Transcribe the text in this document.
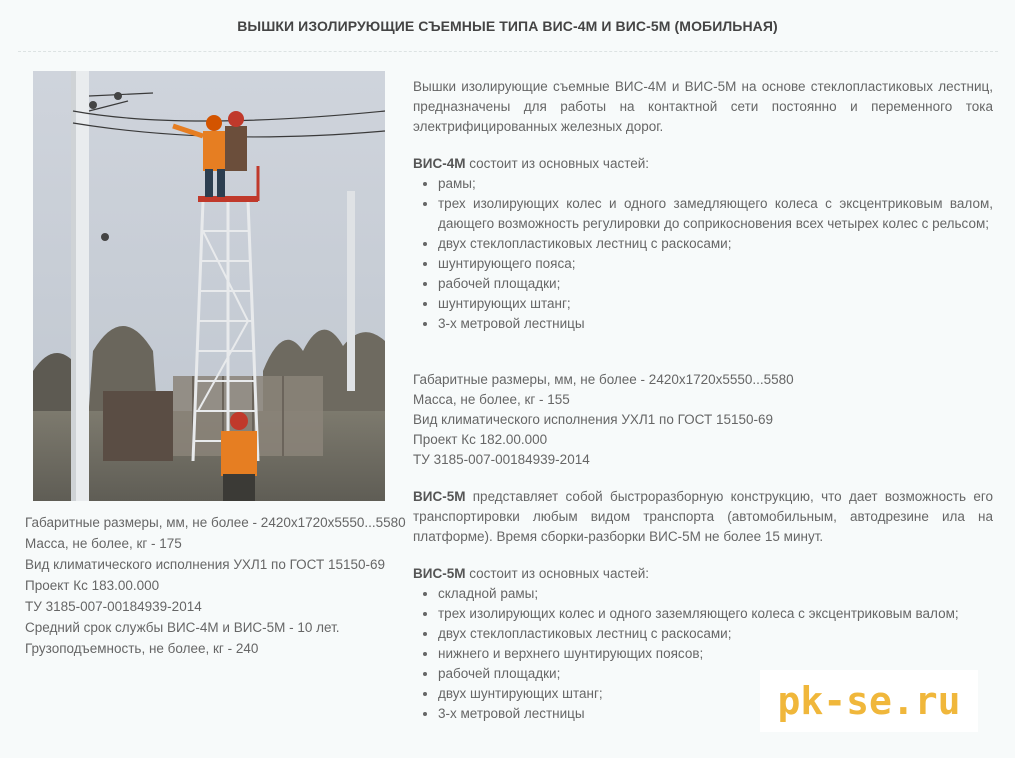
ВЫШКИ ИЗОЛИРУЮЩИЕ СЪЕМНЫЕ ТИПА ВИС-4М И ВИС-5М (МОБИЛЬНАЯ)
Габаритные размеры, мм, не более - 2420x1720x5550...5580
Масса, не более, кг - 175
Вид климатического исполнения УХЛ1 по ГОСТ 15150-69
Проект Кс 183.00.000
ТУ 3185-007-00184939-2014
Средний срок службы ВИС-4М и ВИС-5М - 10 лет.
Грузоподъемность, не более, кг - 240

Вышки изолирующие съемные ВИС-4М и ВИС-5М на основе стеклопластиковых лестниц, предназначены для работы на контактной сети постоянно и переменного тока электрифицированных железных дорог.

ВИС-4М состоит из основных частей:
• рамы;
• трех изолирующих колес и одного замедляющего колеса с эксцентриковым валом, дающего возможность регулировки до соприкосновения всех четырех колес с рельсом;
• двух стеклопластиковых лестниц с раскосами;
• шунтирующего пояса;
• рабочей площадки;
• шунтирующих штанг;
• 3-х метровой лестницы
Габаритные размеры, мм, не более - 2420x1720x5550...5580
Масса, не более, кг - 155
Вид климатического исполнения УХЛ1 по ГОСТ 15150-69
Проект Кс 182.00.000
ТУ 3185-007-00184939-2014

ВИС-5М представляет собой быстроразборную конструкцию, что дает возможность его транспортировки любым видом транспорта (автомобильным, автодрезине ила на платформе). Время сборки-разборки ВИС-5М не более 15 минут.

ВИС-5М состоит из основных частей:
• складной рамы;
• трех изолирующих колес и одного заземляющего колеса с эксцентриковым валом;
• двух стеклопластиковых лестниц с раскосами;
• нижнего и верхнего шунтирующих поясов;
• рабочей площадки;
• двух шунтирующих штанг;
• 3-х метровой лестницы	pk-se.ru
